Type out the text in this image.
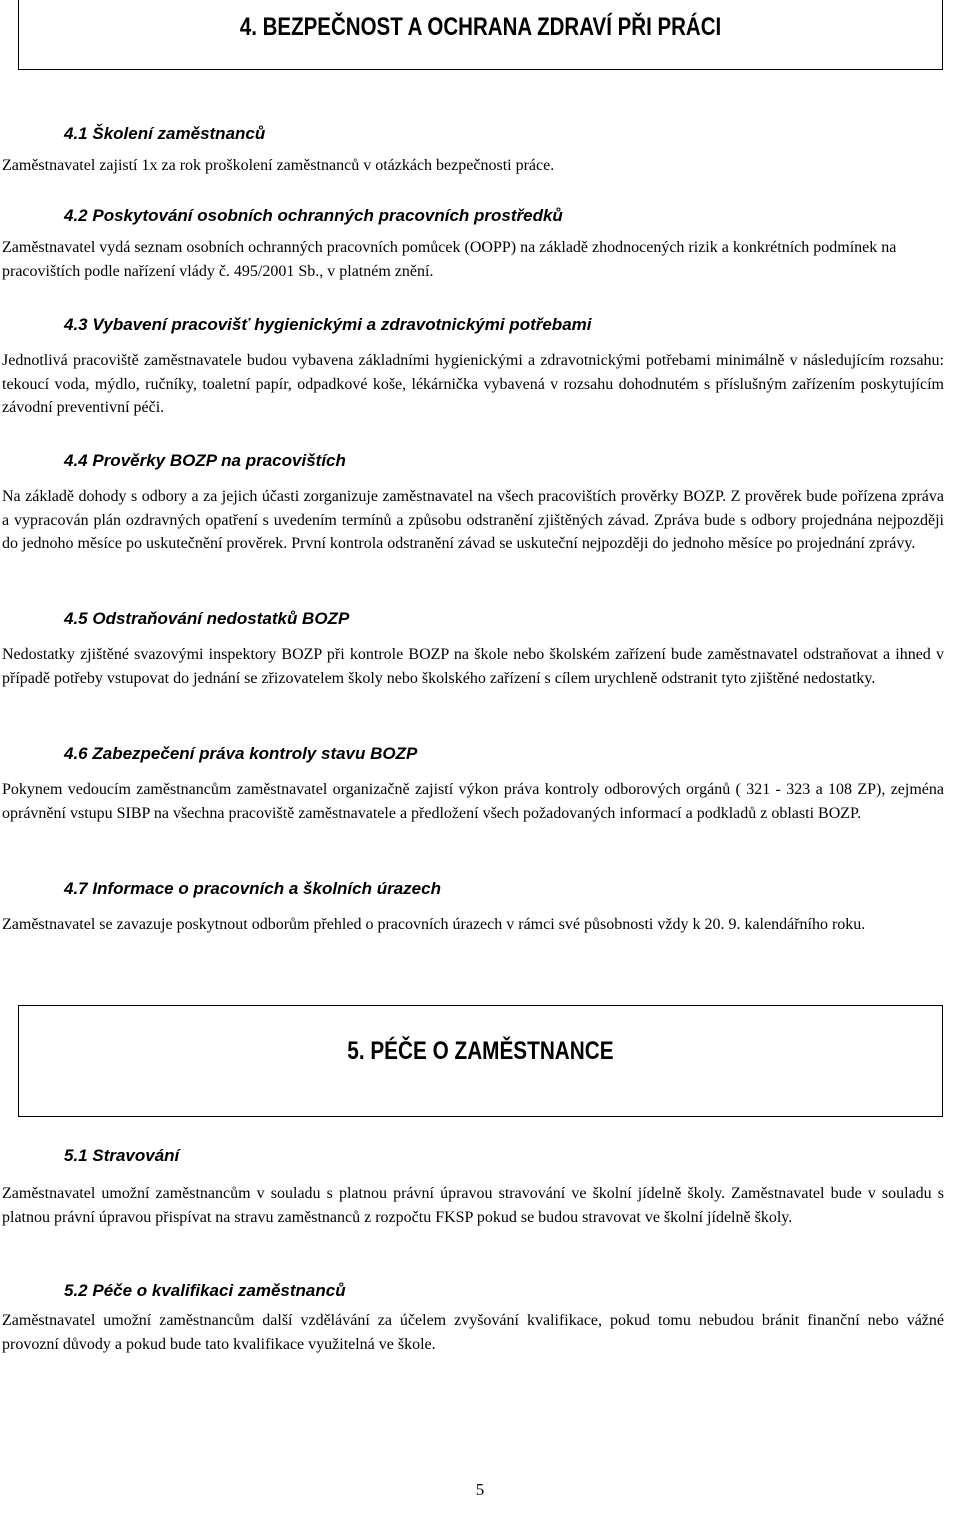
4. BEZPEČNOST A OCHRANA ZDRAVÍ PŘI PRÁCI
4.1 Školení zaměstnanců

Zaměstnavatel zajistí 1x za rok proškolení zaměstnanců v otázkách bezpečnosti práce.

4.2 Poskytování osobních ochranných pracovních prostředků

Zaměstnavatel vydá seznam osobních ochranných pracovních pomůcek (OOPP) na základě zhodnocených rizik a konkrétních podmínek na pracovištích podle nařízení vlády č. 495/2001 Sb., v platném znění.

4.3 Vybavení pracovišť hygienickými a zdravotnickými potřebami

Jednotlivá pracoviště zaměstnavatele budou vybavena základními hygienickými a zdravotnickými potřebami minimálně v následujícím rozsahu: tekoucí voda, mýdlo, ručníky, toaletní papír, odpadkové koše, lékárnička vybavená v rozsahu dohodnutém s příslušným zařízením poskytujícím závodní preventivní péči.

4.4 Prověrky BOZP na pracovištích

Na základě dohody s odbory a za jejich účasti zorganizuje zaměstnavatel na všech pracovištích prověrky BOZP. Z prověrek bude pořízena zpráva a vypracován plán ozdravných opatření s uvedením termínů a způsobu odstranění zjištěných závad. Zpráva bude s odbory projednána nejpozději do jednoho měsíce po uskutečnění prověrek. První kontrola odstranění závad se uskuteční nejpozději do jednoho měsíce po projednání zprávy.

4.5 Odstraňování nedostatků BOZP

Nedostatky zjištěné svazovými inspektory BOZP při kontrole BOZP na škole nebo školském zařízení bude zaměstnavatel odstraňovat a ihned v případě potřeby vstupovat do jednání se zřizovatelem školy nebo školského zařízení s cílem urychleně odstranit tyto zjištěné nedostatky.

4.6 Zabezpečení práva kontroly stavu BOZP

Pokynem vedoucím zaměstnancům zaměstnavatel organizačně zajistí výkon práva kontroly odborových orgánů ( 321 - 323 a 108 ZP), zejména oprávnění vstupu SIBP na všechna pracoviště zaměstnavatele a předložení všech požadovaných informací a podkladů z oblasti BOZP.

4.7 Informace o pracovních a školních úrazech

Zaměstnavatel se zavazuje poskytnout odborům přehled o pracovních úrazech v rámci své působnosti vždy k 20. 9. kalendářního roku.

5. PÉČE O ZAMĚSTNANCE
5.1 Stravování

Zaměstnavatel umožní zaměstnancům v souladu s platnou právní úpravou stravování ve školní jídelně školy. Zaměstnavatel bude v souladu s platnou právní úpravou přispívat na stravu zaměstnanců z rozpočtu FKSP pokud se budou stravovat ve školní jídelně školy.

5.2 Péče o kvalifikaci zaměstnanců

Zaměstnavatel umožní zaměstnancům další vzdělávání za účelem zvyšování kvalifikace, pokud tomu nebudou bránit finanční nebo vážné provozní důvody a pokud bude tato kvalifikace využitelná ve škole.

5
